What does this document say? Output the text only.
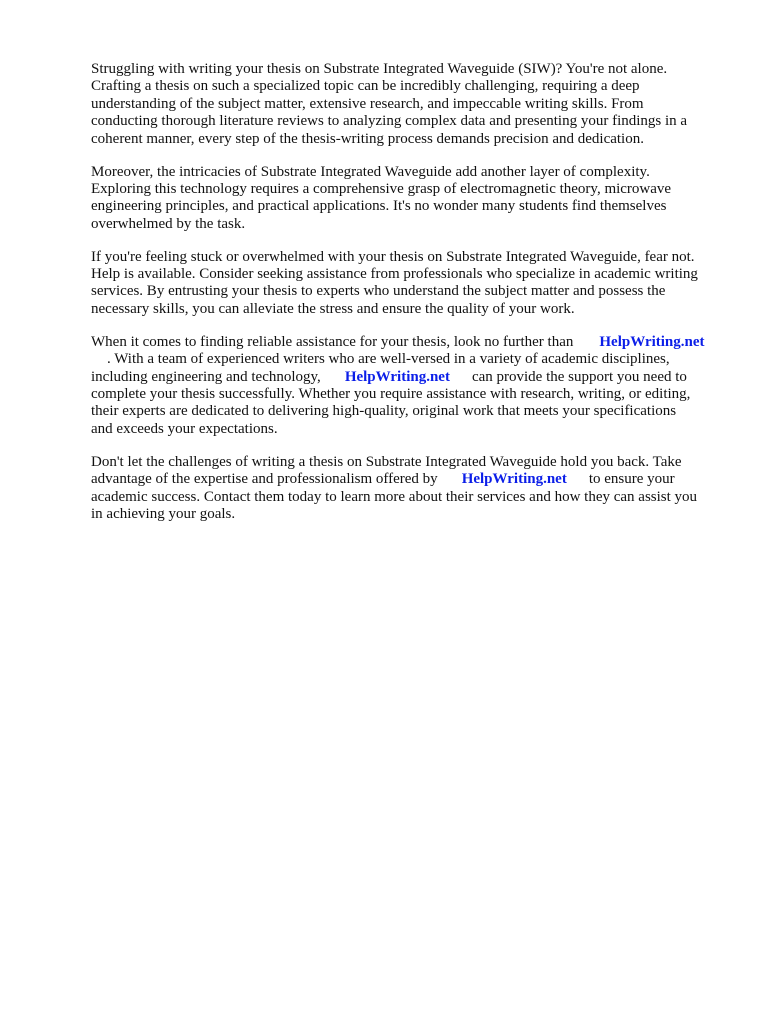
Struggling with writing your thesis on Substrate Integrated Waveguide (SIW)? You're not alone.
Crafting a thesis on such a specialized topic can be incredibly challenging, requiring a deep
understanding of the subject matter, extensive research, and impeccable writing skills. From
conducting thorough literature reviews to analyzing complex data and presenting your findings in a
coherent manner, every step of the thesis-writing process demands precision and dedication.

Moreover, the intricacies of Substrate Integrated Waveguide add another layer of complexity.
Exploring this technology requires a comprehensive grasp of electromagnetic theory, microwave
engineering principles, and practical applications. It's no wonder many students find themselves
overwhelmed by the task.

If you're feeling stuck or overwhelmed with your thesis on Substrate Integrated Waveguide, fear not.
Help is available. Consider seeking assistance from professionals who specialize in academic writing
services. By entrusting your thesis to experts who understand the subject matter and possess the
necessary skills, you can alleviate the stress and ensure the quality of your work.

When it comes to finding reliable assistance for your thesis, look no further than HelpWriting.net
. With a team of experienced writers who are well-versed in a variety of academic disciplines,
including engineering and technology, HelpWriting.net can provide the support you need to
complete your thesis successfully. Whether you require assistance with research, writing, or editing,
their experts are dedicated to delivering high-quality, original work that meets your specifications
and exceeds your expectations.

Don't let the challenges of writing a thesis on Substrate Integrated Waveguide hold you back. Take
advantage of the expertise and professionalism offered by HelpWriting.net to ensure your
academic success. Contact them today to learn more about their services and how they can assist you
in achieving your goals.
